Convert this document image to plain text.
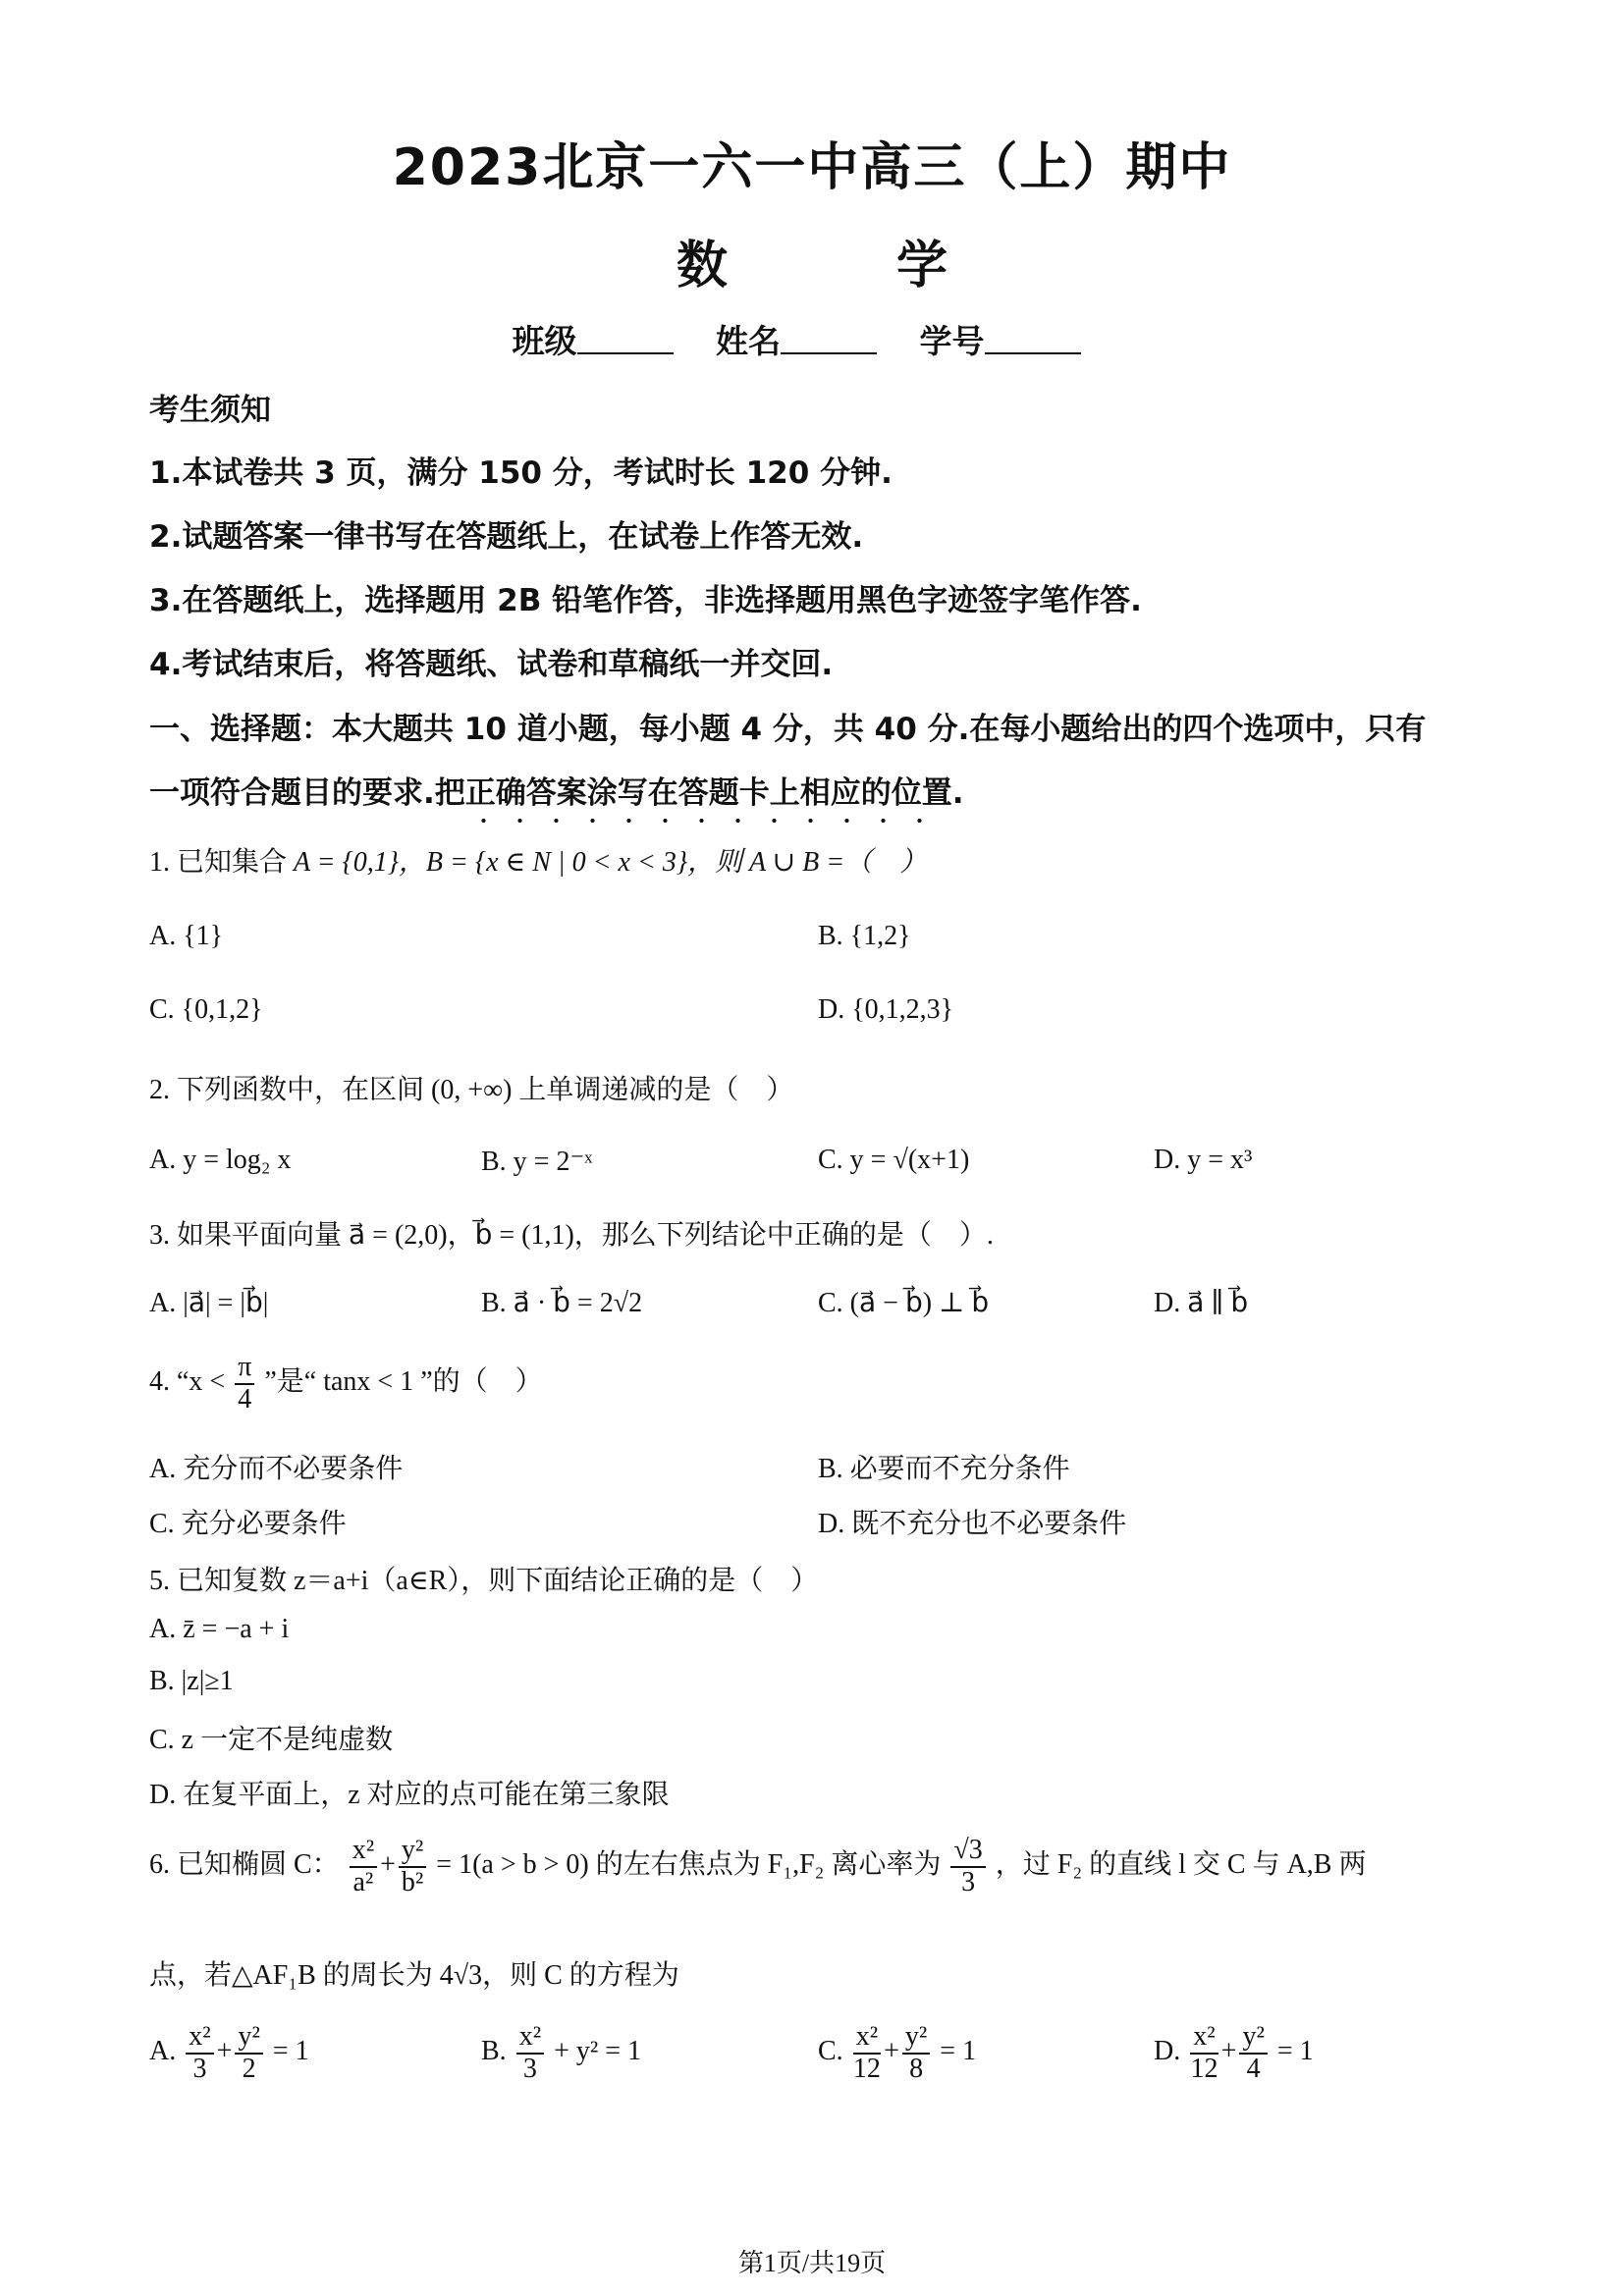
2023北京一六一中高三（上）期中
数　学
班级	姓名	学号
考生须知
1.本试卷共 3 页，满分 150 分，考试时长 120 分钟.
2.试题答案一律书写在答题纸上，在试卷上作答无效.
3.在答题纸上，选择题用 2B 铅笔作答，非选择题用黑色字迹签字笔作答.
4.考试结束后，将答题纸、试卷和草稿纸一并交回.
一、选择题：本大题共 10 道小题，每小题 4 分，共 40 分.在每小题给出的四个选项中，只有
一项符合题目的要求.把正确答案涂写在答题卡上相应的位置
.
1. 已知集合 A = {0,1}，B = {x ∈ N | 0 < x < 3}，则 A ∪ B =（　）
A. {1}	B. {1,2}
C. {0,1,2}	D. {0,1,2,3}
2. 下列函数中，在区间 (0, +∞) 上单调递减的是（　）
A. y = log₂ x	B. y = 2⁻ˣ	C. y = √(x+1)	D. y = x³
3. 如果平面向量 a⃗ = (2,0)，b⃗ = (1,1)，那么下列结论中正确的是（　）.
A. |a⃗| = |b⃗|	B. a⃗ · b⃗ = 2√2	C. (a⃗ − b⃗) ⊥ b⃗	D. a⃗ ∥ b⃗
4. “$x < \frac{\pi}{4}$ ”是“ tanx < 1 ”的（　）
A. 充分而不必要条件	B. 必要而不充分条件
C. 充分必要条件	D. 既不充分也不必要条件
5. 已知复数 z＝a+i（a∈R），则下面结论正确的是（　）
A. z̄ = −a + i
B. |z|≥1
C. z 一定不是纯虚数
D. 在复平面上，z 对应的点可能在第三象限
6. 已知椭圆 C： $\frac{\text{x²}}{\text{a²}} + \frac{\text{y²}}{\text{b²}} = 1(a > b > 0)$ 的左右焦点为 F₁,F₂ 离心率为 $\frac{√3}{3}$ ，过 F₂ 的直线 l 交 C 与 A,B 两
点，若△AF₁B 的周长为 4√3，则 C 的方程为
A. $\frac{\text{x²}}{3} + \frac{\text{y²}}{2} = 1$	B. $\frac{\text{x²}}{3} + y^2 = 1$	C. $\frac{\text{x²}}{12} + \frac{\text{y²}}{8} = 1$	D. $\frac{\text{x²}}{12} + \frac{\text{y²}}{4} = 1$
第1页/共19页
